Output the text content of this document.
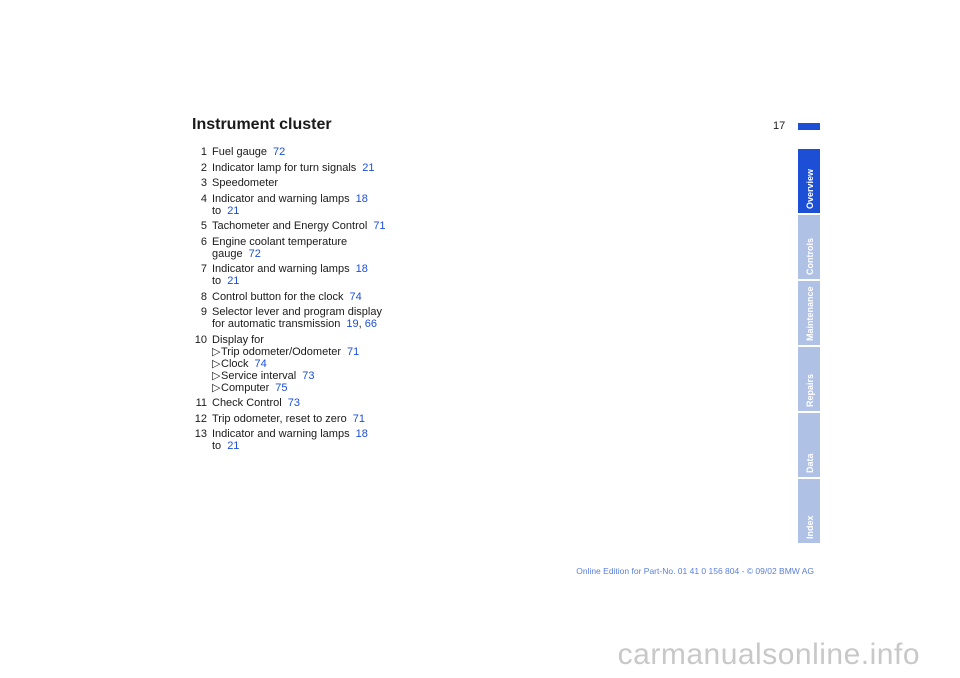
Instrument cluster	17
1 Fuel gauge 72
2 Indicator lamp for turn signals 21
3 Speedometer
4 Indicator and warning lamps 18
to 21
5 Tachometer and Energy Control 71
6 Engine coolant temperature
gauge 72
7 Indicator and warning lamps 18
to 21
8 Control button for the clock 74
9 Selector lever and program display
for automatic transmission 19, 66
10 Display for
▷Trip odometer/Odometer 71
▷Clock 74
▷Service interval 73
▷Computer 75
11 Check Control 73
12 Trip odometer, reset to zero 71
13 Indicator and warning lamps 18
to 21
Overview
Controls
Maintenance
Repairs
Data
Index
Online Edition for Part-No. 01 41 0 156 804 - © 09/02 BMW AG
carmanualsonline.info
